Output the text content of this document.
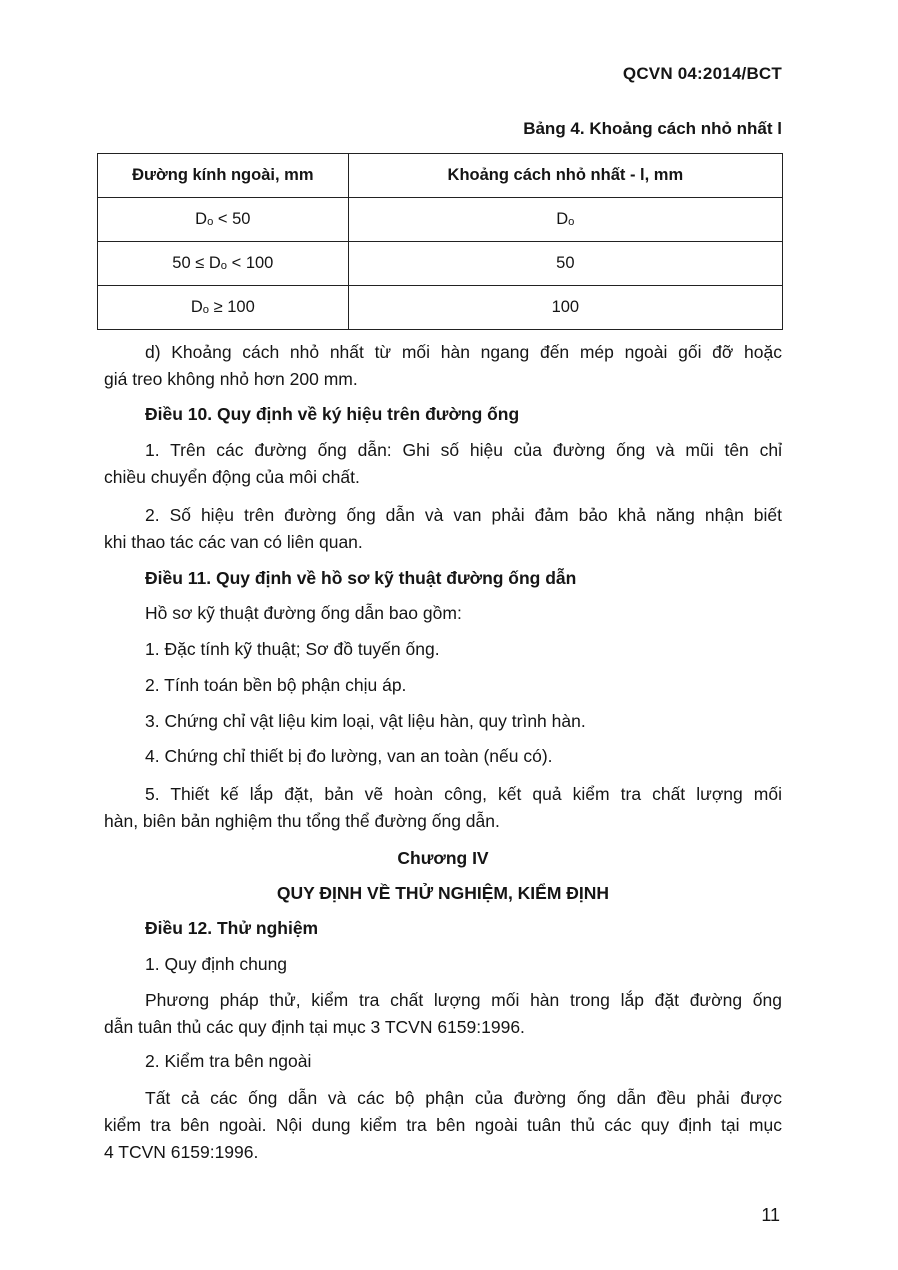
QCVN 04:2014/BCT
Bảng 4. Khoảng cách nhỏ nhất l
Đường kính ngoài, mm	Khoảng cách nhỏ nhất - l, mm
Dₒ < 50	Dₒ
50 ≤ Dₒ < 100	50
Dₒ ≥ 100	100
d) Khoảng cách nhỏ nhất từ mối hàn ngang đến mép ngoài gối đỡ hoặc
giá treo không nhỏ hơn 200 mm.
Điều 10. Quy định về ký hiệu trên đường ống
1. Trên các đường ống dẫn: Ghi số hiệu của đường ống và mũi tên chỉ
chiều chuyển động của môi chất.
2. Số hiệu trên đường ống dẫn và van phải đảm bảo khả năng nhận biết
khi thao tác các van có liên quan.
Điều 11. Quy định về hồ sơ kỹ thuật đường ống dẫn
Hồ sơ kỹ thuật đường ống dẫn bao gồm:
1. Đặc tính kỹ thuật; Sơ đồ tuyến ống.
2. Tính toán bền bộ phận chịu áp.
3. Chứng chỉ vật liệu kim loại, vật liệu hàn, quy trình hàn.
4. Chứng chỉ thiết bị đo lường, van an toàn (nếu có).
5. Thiết kế lắp đặt, bản vẽ hoàn công, kết quả kiểm tra chất lượng mối
hàn, biên bản nghiệm thu tổng thể đường ống dẫn.
Chương IV
QUY ĐỊNH VỀ THỬ NGHIỆM, KIỂM ĐỊNH
Điều 12. Thử nghiệm
1. Quy định chung
Phương pháp thử, kiểm tra chất lượng mối hàn trong lắp đặt đường ống
dẫn tuân thủ các quy định tại mục 3 TCVN 6159:1996.
2. Kiểm tra bên ngoài
Tất cả các ống dẫn và các bộ phận của đường ống dẫn đều phải được
kiểm tra bên ngoài. Nội dung kiểm tra bên ngoài tuân thủ các quy định tại mục
4 TCVN 6159:1996.
11
